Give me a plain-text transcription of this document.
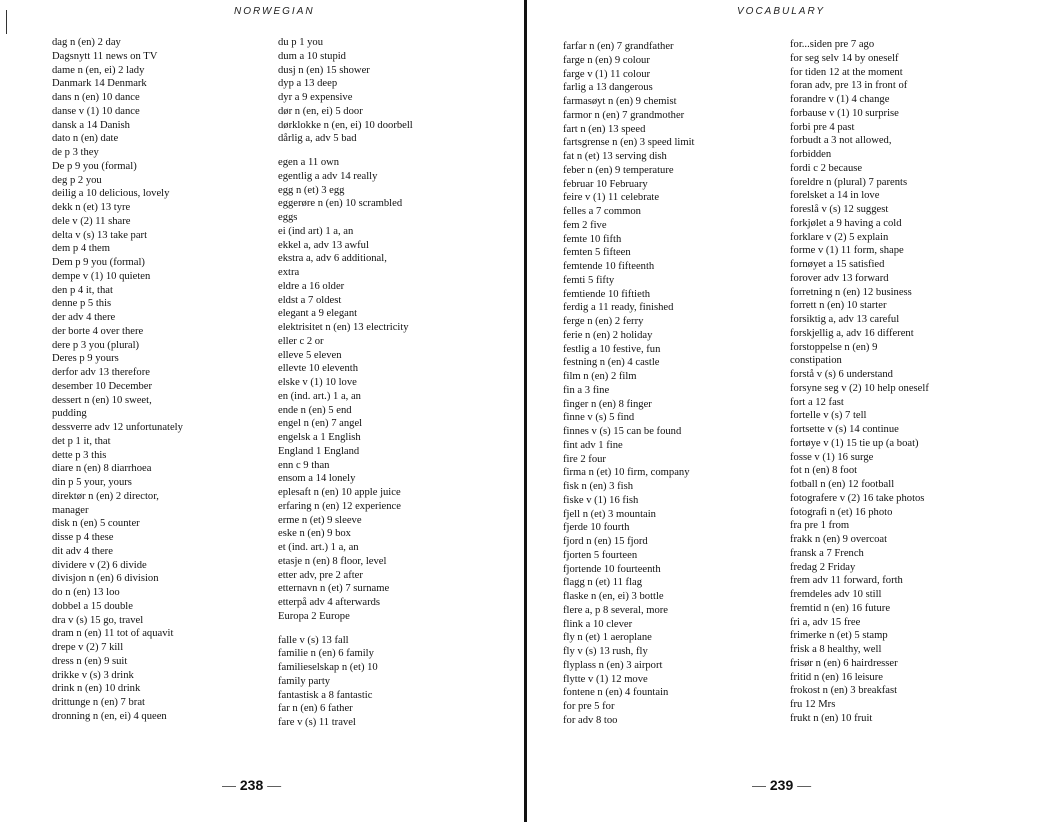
NORWEGIAN	VOCABULARY
dag n (en) 2 day
Dagsnytt 11 news on TV
dame n (en, ei) 2 lady
Danmark 14 Denmark
dans n (en) 10 dance
danse v (1) 10 dance
dansk a 14 Danish
dato n (en) date
de p 3 they
De p 9 you (formal)
deg p 2 you
deilig a 10 delicious, lovely
dekk n (et) 13 tyre
dele v (2) 11 share
delta v (s) 13 take part
dem p 4 them
Dem p 9 you (formal)
dempe v (1) 10 quieten
den p 4 it, that
denne p 5 this
der adv 4 there
der borte 4 over there
dere p 3 you (plural)
Deres p 9 yours
derfor adv 13 therefore
desember 10 December
dessert n (en) 10 sweet,
pudding
dessverre adv 12 unfortunately
det p 1 it, that
dette p 3 this
diare n (en) 8 diarrhoea
din p 5 your, yours
direktør n (en) 2 director,
manager
disk n (en) 5 counter
disse p 4 these
dit adv 4 there
dividere v (2) 6 divide
divisjon n (en) 6 division
do n (en) 13 loo
dobbel a 15 double
dra v (s) 15 go, travel
dram n (en) 11 tot of aquavit
drepe v (2) 7 kill
dress n (en) 9 suit
drikke v (s) 3 drink
drink n (en) 10 drink
drittunge n (en) 7 brat
dronning n (en, ei) 4 queen
du p 1 you
dum a 10 stupid
dusj n (en) 15 shower
dyp a 13 deep
dyr a 9 expensive
dør n (en, ei) 5 door
dørklokke n (en, ei) 10 doorbell
dårlig a, adv 5 bad
egen a 11 own
egentlig a adv 14 really
egg n (et) 3 egg
eggerøre n (en) 10 scrambled
eggs
ei (ind art) 1 a, an
ekkel a, adv 13 awful
ekstra a, adv 6 additional,
extra
eldre a 16 older
eldst a 7 oldest
elegant a 9 elegant
elektrisitet n (en) 13 electricity
eller c 2 or
elleve 5 eleven
ellevte 10 eleventh
elske v (1) 10 love
en (ind. art.) 1 a, an
ende n (en) 5 end
engel n (en) 7 angel
engelsk a 1 English
England 1 England
enn c 9 than
ensom a 14 lonely
eplesaft n (en) 10 apple juice
erfaring n (en) 12 experience
erme n (et) 9 sleeve
eske n (en) 9 box
et (ind. art.) 1 a, an
etasje n (en) 8 floor, level
etter adv, pre 2 after
etternavn n (et) 7 surname
etterpå adv 4 afterwards
Europa 2 Europe
falle v (s) 13 fall
familie n (en) 6 family
familieselskap n (et) 10
family party
fantastisk a 8 fantastic
far n (en) 6 father
fare v (s) 11 travel
farfar n (en) 7 grandfather
farge n (en) 9 colour
farge v (1) 11 colour
farlig a 13 dangerous
farmasøyt n (en) 9 chemist
farmor n (en) 7 grandmother
fart n (en) 13 speed
fartsgrense n (en) 3 speed limit
fat n (et) 13 serving dish
feber n (en) 9 temperature
februar 10 February
feire v (1) 11 celebrate
felles a 7 common
fem 2 five
femte 10 fifth
femten 5 fifteen
femtende 10 fifteenth
femti 5 fifty
femtiende 10 fiftieth
ferdig a 11 ready, finished
ferge n (en) 2 ferry
ferie n (en) 2 holiday
festlig a 10 festive, fun
festning n (en) 4 castle
film n (en) 2 film
fin a 3 fine
finger n (en) 8 finger
finne v (s) 5 find
finnes v (s) 15 can be found
fint adv 1 fine
fire 2 four
firma n (et) 10 firm, company
fisk n (en) 3 fish
fiske v (1) 16 fish
fjell n (et) 3 mountain
fjerde 10 fourth
fjord n (en) 15 fjord
fjorten 5 fourteen
fjortende 10 fourteenth
flagg n (et) 11 flag
flaske n (en, ei) 3 bottle
flere a, p 8 several, more
flink a 10 clever
fly n (et) 1 aeroplane
fly v (s) 13 rush, fly
flyplass n (en) 3 airport
flytte v (1) 12 move
fontene n (en) 4 fountain
for pre 5 for
for adv 8 too
for...siden pre 7 ago
for seg selv 14 by oneself
for tiden 12 at the moment
foran adv, pre 13 in front of
forandre v (1) 4 change
forbause v (1) 10 surprise
forbi pre 4 past
forbudt a 3 not allowed,
forbidden
fordi c 2 because
foreldre n (plural) 7 parents
forelsket a 14 in love
foreslå v (s) 12 suggest
forkjølet a 9 having a cold
forklare v (2) 5 explain
forme v (1) 11 form, shape
fornøyet a 15 satisfied
forover adv 13 forward
forretning n (en) 12 business
forrett n (en) 10 starter
forsiktig a, adv 13 careful
forskjellig a, adv 16 different
forstoppelse n (en) 9
constipation
forstå v (s) 6 understand
forsyne seg v (2) 10 help oneself
fort a 12 fast
fortelle v (s) 7 tell
fortsette v (s) 14 continue
fortøye v (1) 15 tie up (a boat)
fosse v (1) 16 surge
fot n (en) 8 foot
fotball n (en) 12 football
fotografere v (2) 16 take photos
fotografi n (et) 16 photo
fra pre 1 from
frakk n (en) 9 overcoat
fransk a 7 French
fredag 2 Friday
frem adv 11 forward, forth
fremdeles adv 10 still
fremtid n (en) 16 future
fri a, adv 15 free
frimerke n (et) 5 stamp
frisk a 8 healthy, well
frisør n (en) 6 hairdresser
fritid n (en) 16 leisure
frokost n (en) 3 breakfast
fru 12 Mrs
frukt n (en) 10 fruit
— 238 —	— 239 —
